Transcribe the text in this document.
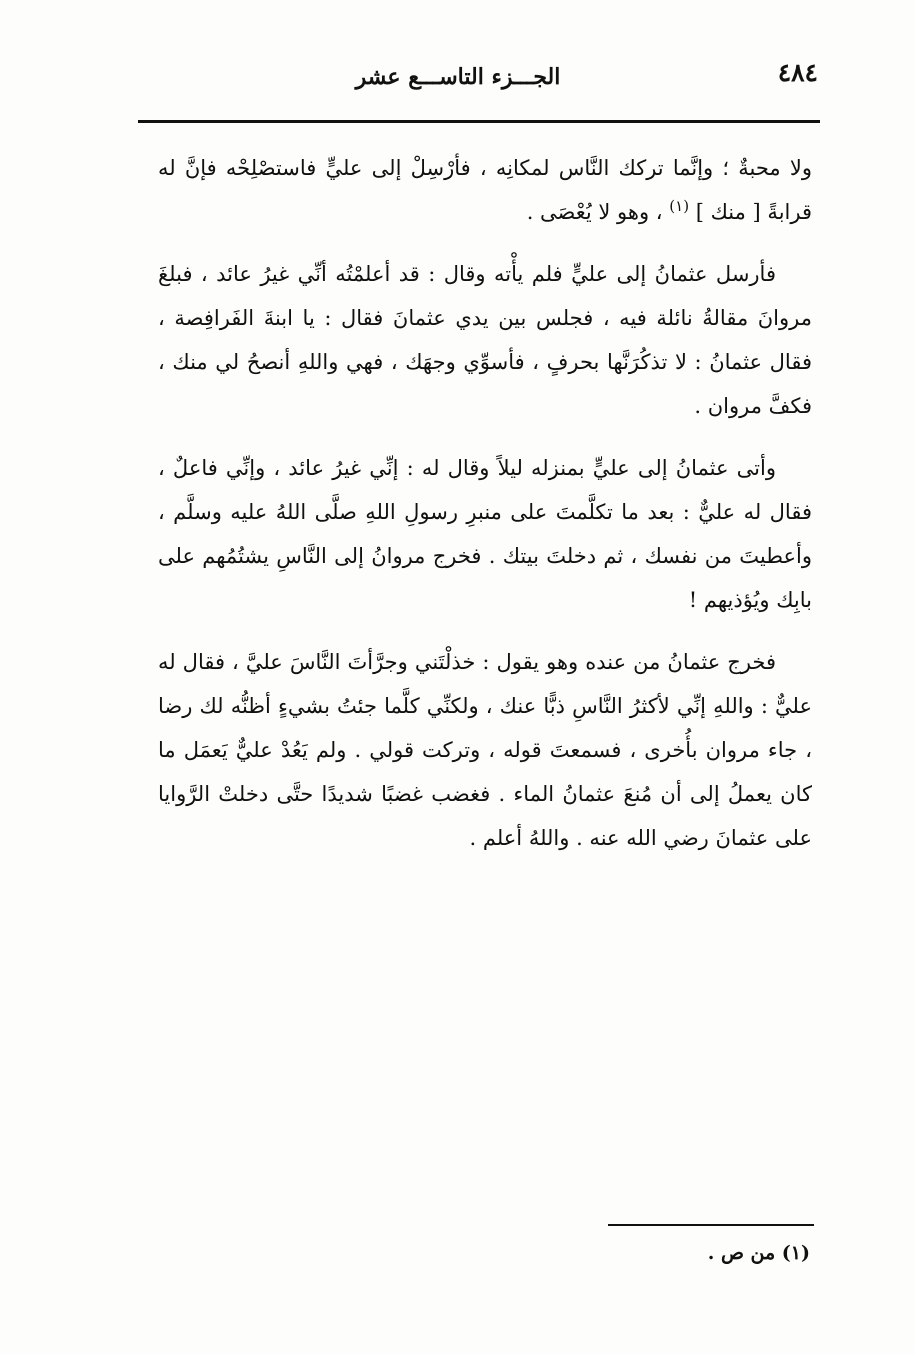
٤٨٤
الجـــزء التاســـع عشر

ولا محبةٌ ؛ وإنَّما تركك النَّاس لمكانِه ، فأرْسِلْ إلى عليٍّ فاستصْلِحْه فإنَّ له قرابةً [ منك ] $^{(١)}$ ، وهو لا يُعْصَى .

فأرسل عثمانُ إلى عليٍّ فلم يأْته وقال : قد أعلمْتُه أنِّي غيرُ عائد ، فبلغَ مروانَ مقالةُ نائلة فيه ، فجلس بين يدي عثمانَ فقال : يا ابنةَ الفَرافِصة ، فقال عثمانُ : لا تذكُرَنَّها بحرفٍ ، فأسوِّي وجهَك ، فهي واللهِ أنصحُ لي منك ، فكفَّ مروان .

وأتى عثمانُ إلى عليٍّ بمنزله ليلاً وقال له : إنِّي غيرُ عائد ، وإنِّي فاعلٌ ، فقال له عليٌّ : بعد ما تكلَّمتَ على منبرِ رسولِ اللهِ صلَّى اللهُ عليه وسلَّم ، وأعطيتَ من نفسك ، ثم دخلتَ بيتك . فخرج مروانُ إلى النَّاسِ يشتُمُهم على بابِك ويُؤذيهم !

فخرج عثمانُ من عنده وهو يقول : خذلْتَني وجرَّأتَ النَّاسَ عليَّ ، فقال له عليٌّ : واللهِ إنِّي لأكثرُ النَّاسِ ذبًّا عنك ، ولكنِّي كلَّما جئتُ بشيءٍ أظنُّه لك رضا ، جاء مروان بأُخرى ، فسمعتَ قوله ، وتركت قولي . ولم يَعُدْ عليٌّ يَعمَل ما كان يعملُ إلى أن مُنعَ عثمانُ الماء . فغضب غضبًا شديدًا حتَّى دخلتْ الرَّوايا على عثمانَ رضي الله عنه . واللهُ أعلم .

(١) من ص .
